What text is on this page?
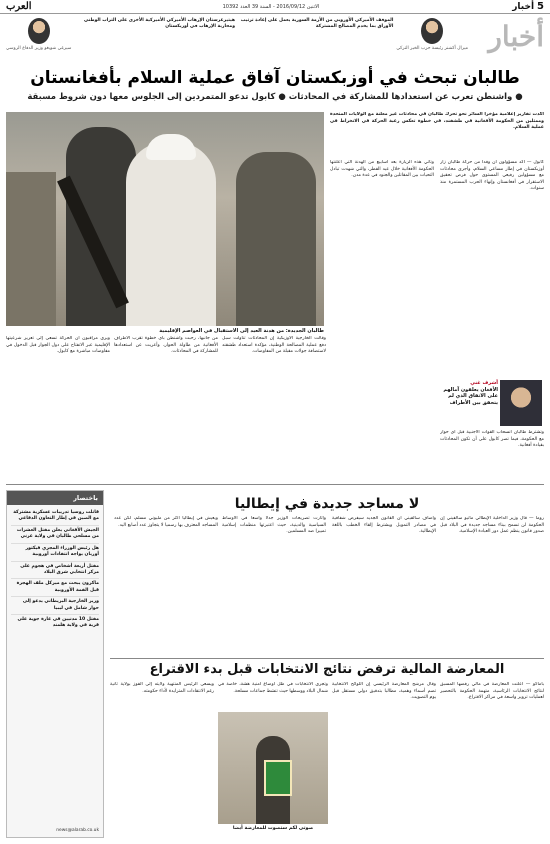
5
أخبار
الاثنين 2016/09/12 - السنة 39 العدد 10392
العرب
أخبار
ميرال أكشنر رئيسة حزب الخير التركي
الموقف الأميركي الأوروبي من الأزمة السورية يعمل على إعادة ترتيب الأوراق بما يخدم المصالح المشتركة
هيتيرغرستان الإرهاب الأميركي الأميركية الأخرى على التراب الوطني ومحاربة الإرهاب في أوزبكستان
سيرغي شويغو وزير الدفاع الروسي
طالبان تبحث في أوزبكستان آفاق عملية السلام بأفغانستان
● واشنطن تعرب عن استعدادها للمشاركة في المحادثات ● كابول تدعو المتمردين إلى الجلوس معها دون شروط مسبقة
طالبان الجديدة: من هدنة العيد إلى الاستقبال في العواصم الإقليمية
أكدت تقارير إعلامية مؤخرا السائر نحو تحرك طالبان في محادثات غير معلنة مع الولايات المتحدة وممثلين من الحكومة الأفغانية في طشقند، في خطوة تعكس رغبة الحركة في الانخراط في عملية السلام.
كابول — أكد مسؤولون أن وفدا من حركة طالبان زار أوزبكستان في إطار مساعي السلام، وأجرى محادثات مع مسؤولين رفيعي المستوى حول فرص تحقيق الاستقرار في أفغانستان وإنهاء الحرب المستمرة منذ سنوات.
وتأتي هذه الزيارة بعد أسابيع من الهدنة التي أعلنتها الحكومة الأفغانية خلال عيد الفطر، والتي شهدت تبادل التحيات بين المقاتلين والجنود في عدة مدن.
وقالت الخارجية الأوزبكية إن المحادثات تناولت سبل دفع عملية المصالحة الوطنية، مؤكدة استعداد طشقند لاستضافة جولات مقبلة من المفاوضات.
من جانبها، رحبت واشنطن بأي خطوة تقرب الأطراف الأفغانية من طاولة الحوار، وأعربت عن استعدادها للمشاركة في المحادثات.
ويرى مراقبون أن الحركة تسعى إلى تعزيز شرعيتها الإقليمية عبر الانفتاح على دول الجوار قبل الدخول في مفاوضات مباشرة مع كابول.
أشرف غني
الأفغان يعلقون آمالهم على الاتفاق الذي لم يتحقق بين الأطراف
وتشترط طالبان انسحاب القوات الأجنبية قبل أي حوار مع الحكومة، فيما تصر كابول على أن تكون المحادثات بقيادة أفغانية.
باختصار
قاتلت روسيا تدريبات عسكرية مشتركة مع الصين في إطار التعاون الدفاعي
الجيش الأفغاني يعلن مقتل العشرات من مسلحي طالبان في ولاية غزني
هل رئيس الوزراء المجري فيكتور أوربان يواجه انتقادات أوروبية
مقتل أربعة أشخاص في هجوم على مركز انتخابي شرق البلاد
ماكرون يبحث مع ميركل ملف الهجرة قبل القمة الأوروبية
وزير الخارجية البريطاني يدعو إلى حوار شامل في ليبيا
مقتل 10 مدنيين في غارة جوية على قرية في ولاية هلمند
news@alarab.co.uk
لا مساجد جديدة في إيطاليا
روما — قال وزير الداخلية الإيطالي ماتيو سالفيني إن الحكومة لن تسمح ببناء مساجد جديدة في البلاد قبل صدور قانون ينظم عمل دور العبادة الإسلامية.
وأضاف سالفيني أن القانون الجديد سيفرض شفافية في مصادر التمويل ويشترط إلقاء الخطب باللغة الإيطالية.
وأثارت تصريحات الوزير جدلا واسعا في الأوساط السياسية والدينية، حيث اعتبرتها منظمات إسلامية تمييزا ضد المسلمين.
ويعيش في إيطاليا أكثر من مليوني مسلم، لكن عدد المساجد المعترف بها رسميا لا يتجاوز عدد أصابع اليد.
المعارضة المالية ترفض نتائج الانتخابات قبل بدء الاقتراع
باماكو — أعلنت المعارضة في مالي رفضها المسبق لنتائج الانتخابات الرئاسية، متهمة الحكومة بالتحضير لعمليات تزوير واسعة في مراكز الاقتراع.
وقال مرشح المعارضة الرئيسي إن اللوائح الانتخابية تضم أسماء وهمية، مطالبا بتدقيق دولي مستقل قبل يوم التصويت.
وتجرى الانتخابات في ظل أوضاع أمنية هشة، خاصة في شمال البلاد ووسطها حيث تنشط جماعات مسلحة.
ويسعى الرئيس المنتهية ولايته إلى الفوز بولاية ثانية رغم الانتقادات المتزايدة لأداء حكومته.
صوتي لكم ستصوت للمعارضة أيضا
